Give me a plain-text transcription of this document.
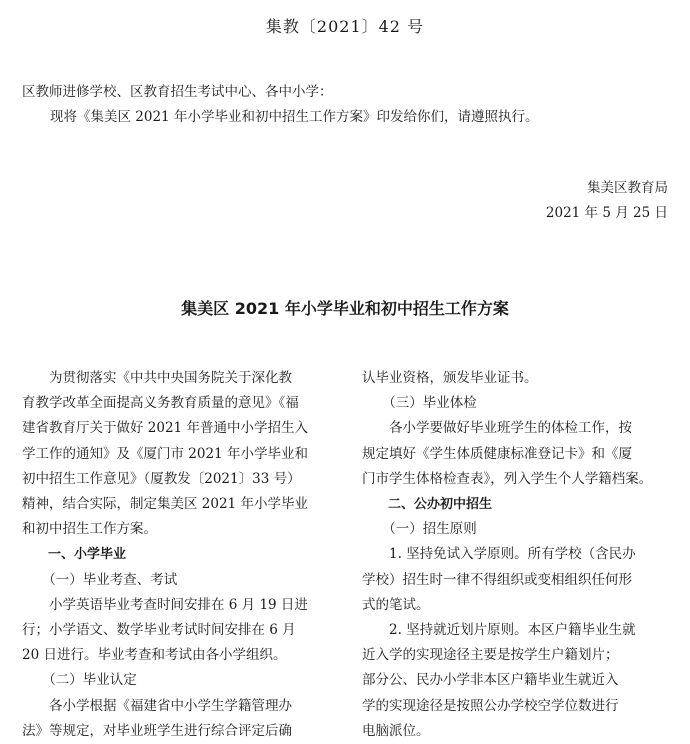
集教〔2021〕42 号
区教师进修学校、区教育招生考试中心、各中小学：
现将《集美区 2021 年小学毕业和初中招生工作方案》印发给你们，请遵照执行。
集美区教育局
2021 年 5 月 25 日
集美区 2021 年小学毕业和初中招生工作方案

　　为贯彻落实《中共中央国务院关于深化教

育教学改革全面提高义务教育质量的意见》《福

建省教育厅关于做好 2021 年普通中小学招生入

学工作的通知》及《厦门市 2021 年小学毕业和

初中招生工作意见》（厦教发〔2021〕33 号）

精神，结合实际，制定集美区 2021 年小学毕业

和初中招生工作方案。

　　一、小学毕业

　　（一）毕业考查、考试

　　小学英语毕业考查时间安排在 6 月 19 日进

行；小学语文、数学毕业考试时间安排在 6 月

20 日进行。毕业考查和考试由各小学组织。

　　（二）毕业认定

　　各小学根据《福建省中小学生学籍管理办

法》等规定，对毕业班学生进行综合评定后确

认毕业资格，颁发毕业证书。

　　（三）毕业体检

　　各小学要做好毕业班学生的体检工作，按

规定填好《学生体质健康标准登记卡》和《厦

门市学生体格检查表》，列入学生个人学籍档案。

　　二、公办初中招生

　　（一）招生原则

　　1. 坚持免试入学原则。所有学校（含民办

学校）招生时一律不得组织或变相组织任何形

式的笔试。

　　2. 坚持就近划片原则。本区户籍毕业生就

近入学的实现途径主要是按学生户籍划片；

部分公、民办小学非本区户籍毕业生就近入

学的实现途径是按照公办学校空学位数进行

电脑派位。
